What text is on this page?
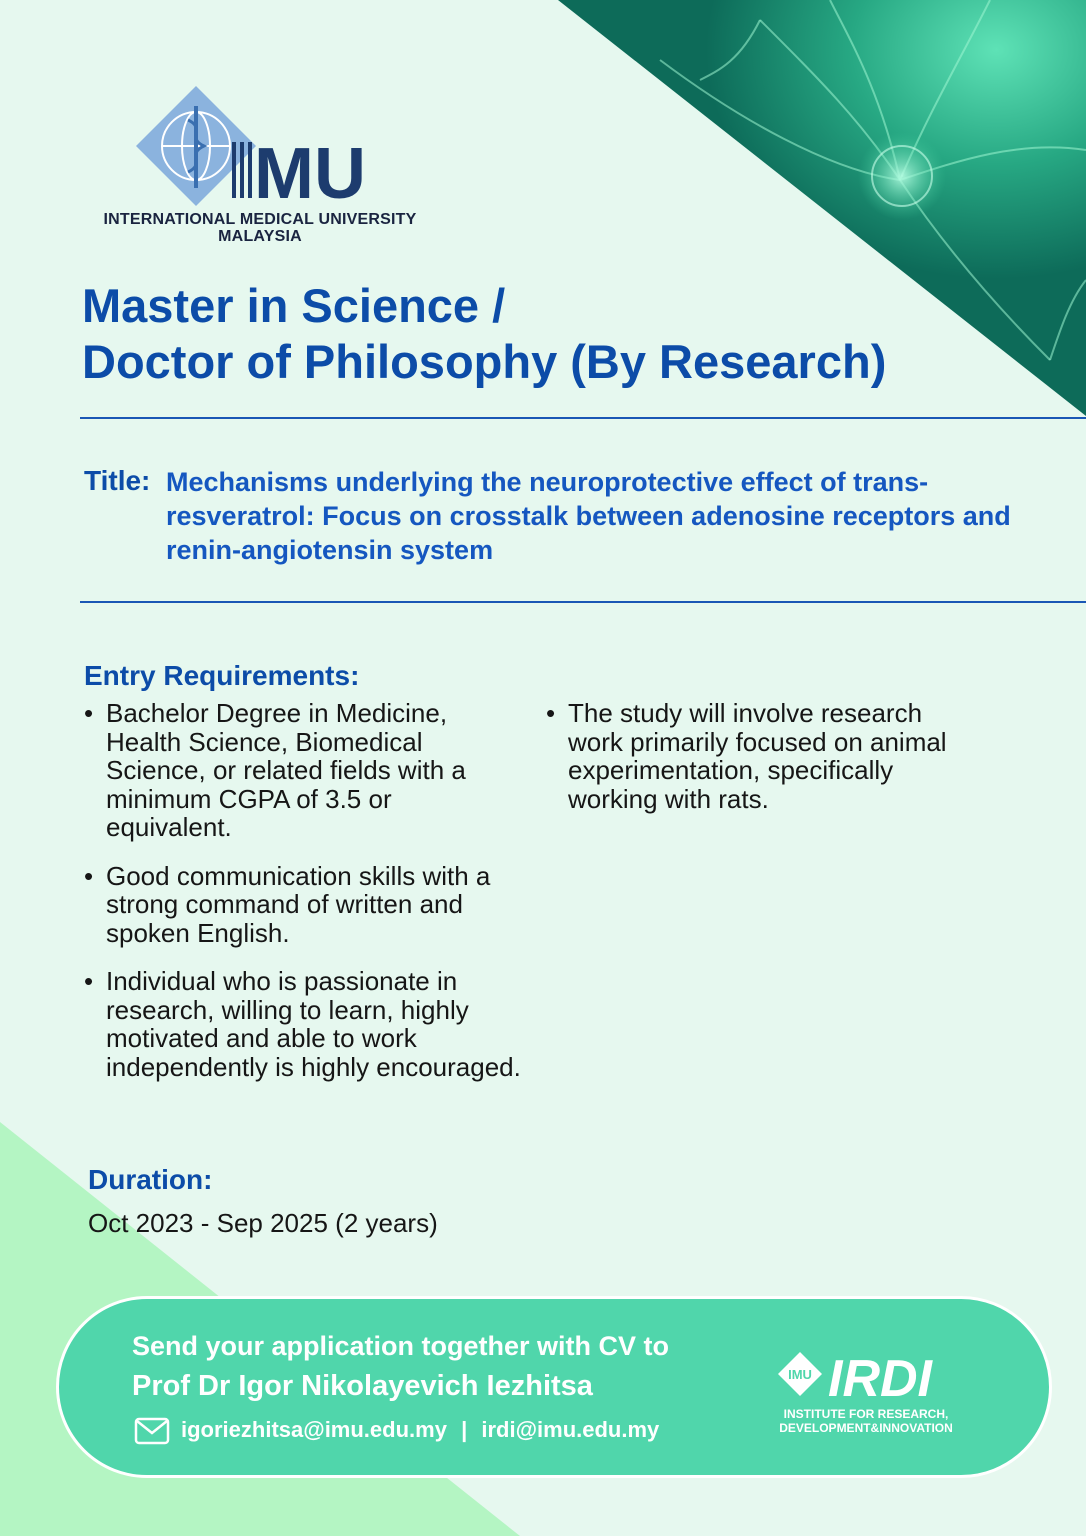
MU
INTERNATIONAL MEDICAL UNIVERSITY
MALAYSIA
Master in Science /
Doctor of Philosophy (By Research)
Title: Mechanisms underlying the neuroprotective effect of trans-resveratrol: Focus on crosstalk between adenosine receptors and renin-angiotensin system
Entry Requirements:
• Bachelor Degree in Medicine, Health Science, Biomedical Science, or related fields with a minimum CGPA of 3.5 or equivalent.
• Good communication skills with a strong command of written and spoken English.
• Individual who is passionate in research, willing to learn, highly motivated and able to work independently is highly encouraged.
• The study will involve research work primarily focused on animal experimentation, specifically working with rats.
Duration:
Oct 2023 - Sep 2025 (2 years)
Send your application together with CV to
Prof Dr Igor Nikolayevich Iezhitsa
igoriezhitsa@imu.edu.my | irdi@imu.edu.my
IMU IRDI
INSTITUTE FOR RESEARCH,
DEVELOPMENT&INNOVATION
